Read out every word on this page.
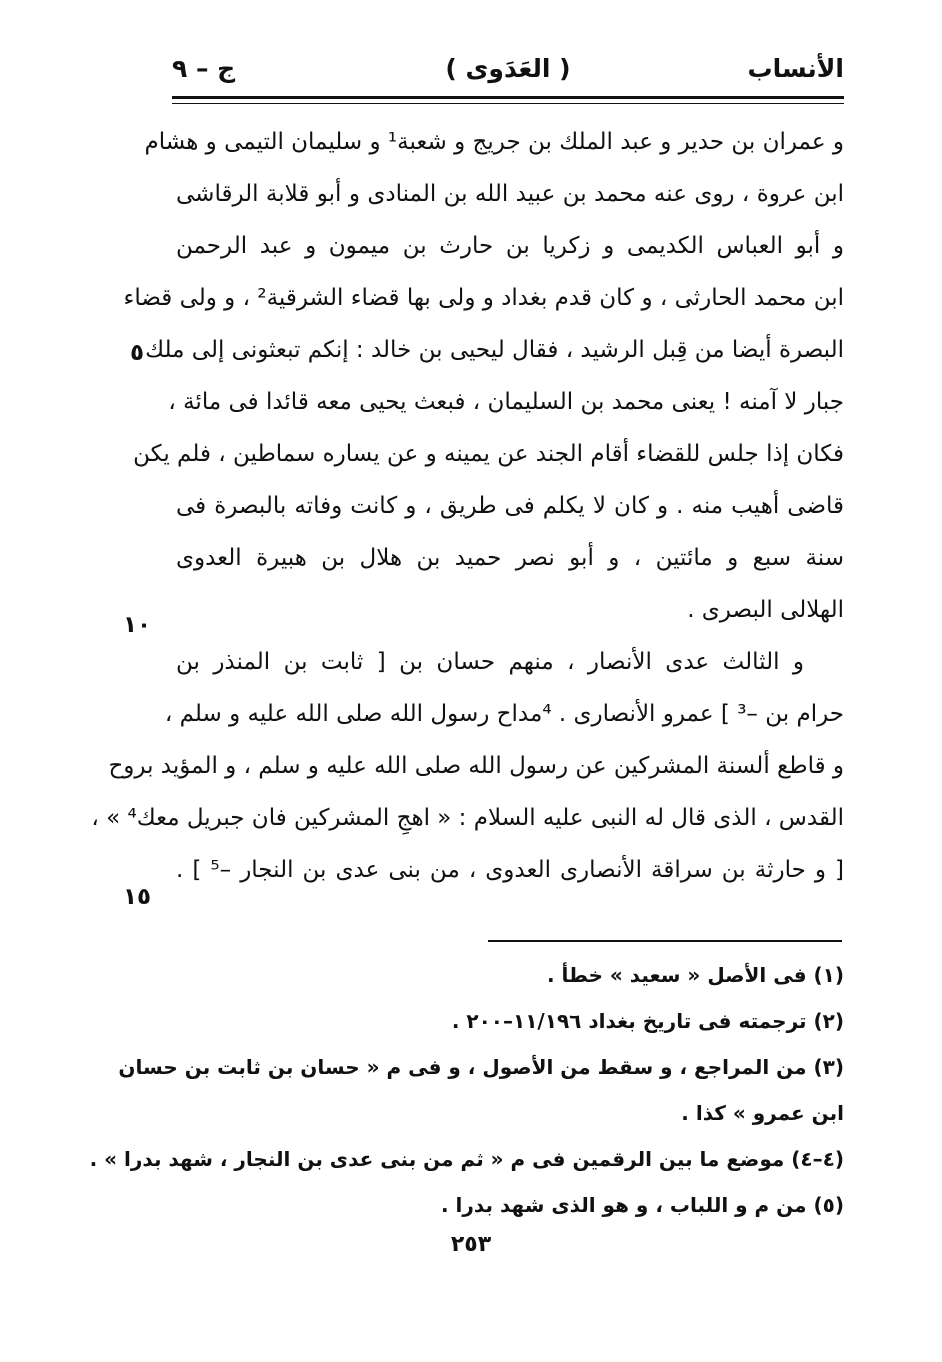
الأنساب
( العَدَوى )
ج – ٩
و عمران بن حدير و عبد الملك بن جريج و شعبة¹ و سليمان التيمى و هشام
ابن عروة ، روى عنه محمد بن عبيد الله بن المنادى و أبو قلابة الرقاشى
و أبو العباس الكديمى و زكريا بن حارث بن ميمون و عبد الرحمن
ابن محمد الحارثى ، و كان قدم بغداد و ولى بها قضاء الشرقية² ، و ولى قضاء
البصرة أيضا من قِبل الرشيد ، فقال ليحيى بن خالد : إنكم تبعثونى إلى ملك
جبار لا آمنه ! يعنى محمد بن السليمان ، فبعث يحيى معه قائدا فى مائة ،
فكان إذا جلس للقضاء أقام الجند عن يمينه و عن يساره سماطين ، فلم يكن
قاضى أهيب منه . و كان لا يكلم فى طريق ، و كانت وفاته بالبصرة فى
سنة سبع و مائتين ، و أبو نصر حميد بن هلال بن هبيرة العدوى
الهلالى البصرى .
و الثالث عدى الأنصار ، منهم حسان بن [ ثابت بن المنذر بن
حرام بن –³ ] عمرو الأنصارى . ⁴مداح رسول الله صلى الله عليه و سلم ،
و قاطع ألسنة المشركين عن رسول الله صلى الله عليه و سلم ، و المؤيد بروح
القدس ، الذى قال له النبى عليه السلام : « اهجِ المشركين فان جبريل معك⁴ » ،
[ و حارثة بن سراقة الأنصارى العدوى ، من بنى عدى بن النجار –⁵ ] .
٥
١٠
١٥
(١) فى الأصل « سعيد » خطأ .
(٢) ترجمته فى تاريخ بغداد ١١/١٩٦–٢٠٠ .
(٣) من المراجع ، و سقط من الأصول ، و فى م « حسان بن ثابت بن حسان
ابن عمرو » كذا .
(٤–٤) موضع ما بين الرقمين فى م « ثم من بنى عدى بن النجار ، شهد بدرا » .
(٥) من م و اللباب ، و هو الذى شهد بدرا .
٢٥٣
